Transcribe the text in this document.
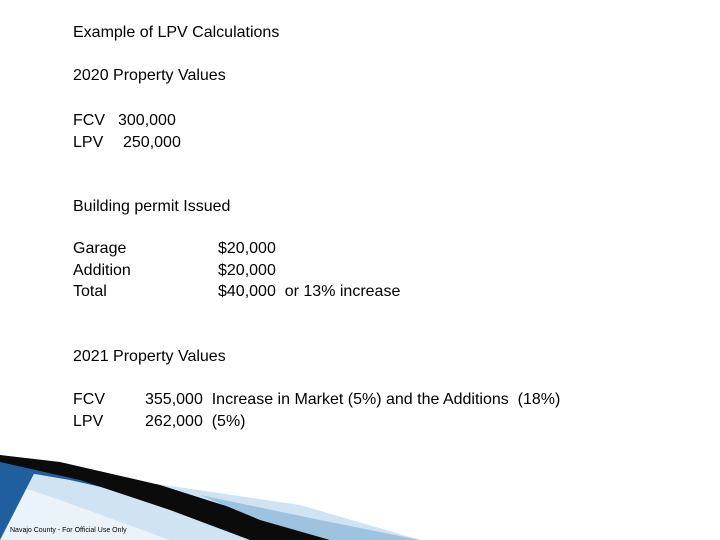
Example of LPV Calculations
2020 Property Values
FCV 300,000
LPV 250,000
Building permit Issued
Garage	$20,000
Addition	$20,000
Total	$40,000  or 13% increase
2021 Property Values
FCV	355,000  Increase in Market (5%) and the Additions  (18%)
LPV	262,000  (5%)
Navajo County - For Official Use Only
